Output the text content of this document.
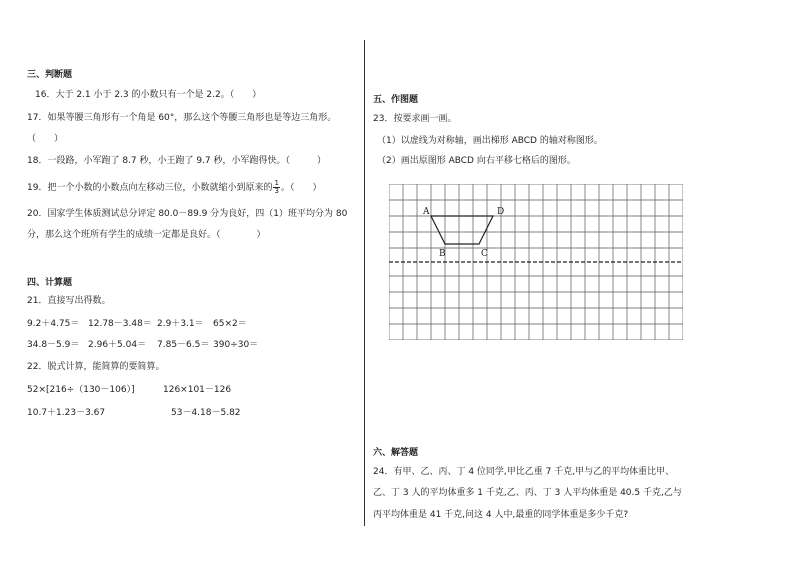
三、判断题
16．大于 2.1 小于 2.3 的小数只有一个是 2.2。（　　）
17．如果等腰三角形有一个角是 60°，那么这个等腰三角形也是等边三角形。
（　　）
18．一段路，小军跑了 8.7 秒，小王跑了 9.7 秒，小军跑得快。（　　　）
19．把一个小数的小数点向左移动三位，小数就缩小到原来的 $\frac{1}{3}$ 。（　　）
20．国家学生体质测试总分评定 80.0－89.9 分为良好，四（1）班平均分为 80
分，那么这个班所有学生的成绩一定都是良好。（　　　　）
四、计算题
21．直接写出得数。
9.2＋4.75＝ 12.78－3.48＝ 2.9＋3.1＝ 65×2＝
34.8－5.9＝ 2.96＋5.04＝ 7.85－6.5＝ 390÷30＝
22．脱式计算，能简算的要简算。
52×[216÷（130－106）]	126×101－126
10.7＋1.23－3.67	53－4.18－5.82
五、作图题
23．按要求画一画。
（1）以虚线为对称轴，画出梯形 ABCD 的轴对称图形。
（2）画出原图形 ABCD 向右平移七格后的图形。
A	D
B	C
六、解答题
24．有甲、乙、丙、丁 4 位同学,甲比乙重 7 千克,甲与乙的平均体重比甲、
乙、丁 3 人的平均体重多 1 千克,乙、丙、丁 3 人平均体重是 40.5 千克,乙与
丙平均体重是 41 千克,问这 4 人中,最重的同学体重是多少千克?
